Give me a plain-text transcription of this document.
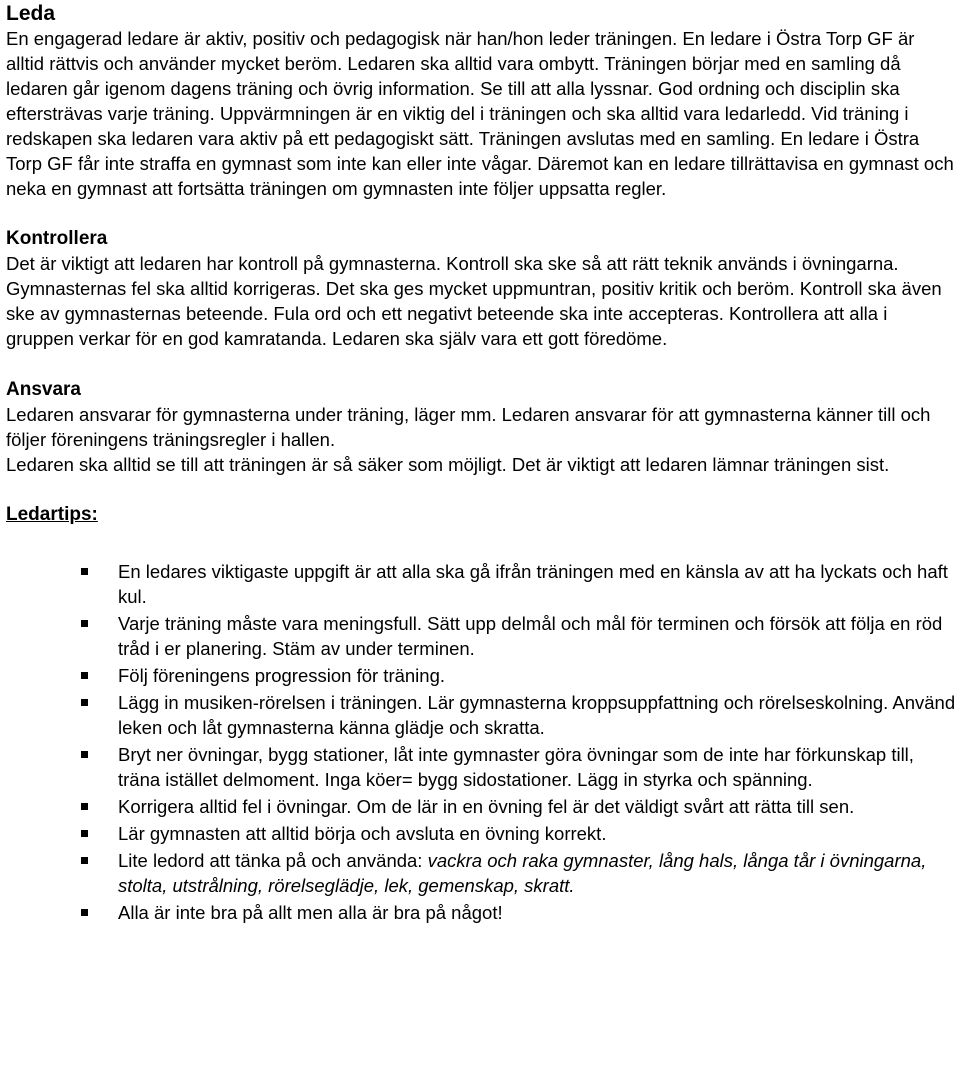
Leda

En engagerad ledare är aktiv, positiv och pedagogisk när han/hon leder träningen. En ledare i Östra Torp GF är alltid rättvis och använder mycket beröm. Ledaren ska alltid vara ombytt. Träningen börjar med en samling då ledaren går igenom dagens träning och övrig information. Se till att alla lyssnar. God ordning och disciplin ska eftersträvas varje träning. Uppvärmningen är en viktig del i träningen och ska alltid vara ledarledd. Vid träning i redskapen ska ledaren vara aktiv på ett pedagogiskt sätt. Träningen avslutas med en samling. En ledare i Östra Torp GF får inte straffa en gymnast som inte kan eller inte vågar. Däremot kan en ledare tillrättavisa en gymnast och neka en gymnast att fortsätta träningen om gymnasten inte följer uppsatta regler.

Kontrollera

Det är viktigt att ledaren har kontroll på gymnasterna. Kontroll ska ske så att rätt teknik används i övningarna. Gymnasternas fel ska alltid korrigeras. Det ska ges mycket uppmuntran, positiv kritik och beröm. Kontroll ska även ske av gymnasternas beteende. Fula ord och ett negativt beteende ska inte accepteras. Kontrollera att alla i gruppen verkar för en god kamratanda. Ledaren ska själv vara ett gott föredöme.

Ansvara

Ledaren ansvarar för gymnasterna under träning, läger mm. Ledaren ansvarar för att gymnasterna känner till och följer föreningens träningsregler i hallen.

Ledaren ska alltid se till att träningen är så säker som möjligt. Det är viktigt att ledaren lämnar träningen sist.

Ledartips:
En ledares viktigaste uppgift är att alla ska gå ifrån träningen med en känsla av att ha lyckats och haft kul.
Varje träning måste vara meningsfull. Sätt upp delmål och mål för terminen och försök att följa en röd tråd i er planering. Stäm av under terminen.
Följ föreningens progression för träning.
Lägg in musiken-rörelsen i träningen. Lär gymnasterna kroppsuppfattning och rörelseskolning. Använd leken och låt gymnasterna känna glädje och skratta.
Bryt ner övningar, bygg stationer, låt inte gymnaster göra övningar som de inte har förkunskap till, träna istället delmoment. Inga köer= bygg sidostationer. Lägg in styrka och spänning.
Korrigera alltid fel i övningar. Om de lär in en övning fel är det väldigt svårt att rätta till sen.
Lär gymnasten att alltid börja och avsluta en övning korrekt.
Lite ledord att tänka på och använda: vackra och raka gymnaster, lång hals, långa tår i övningarna, stolta, utstrålning, rörelseglädje, lek, gemenskap, skratt.
Alla är inte bra på allt men alla är bra på något!
